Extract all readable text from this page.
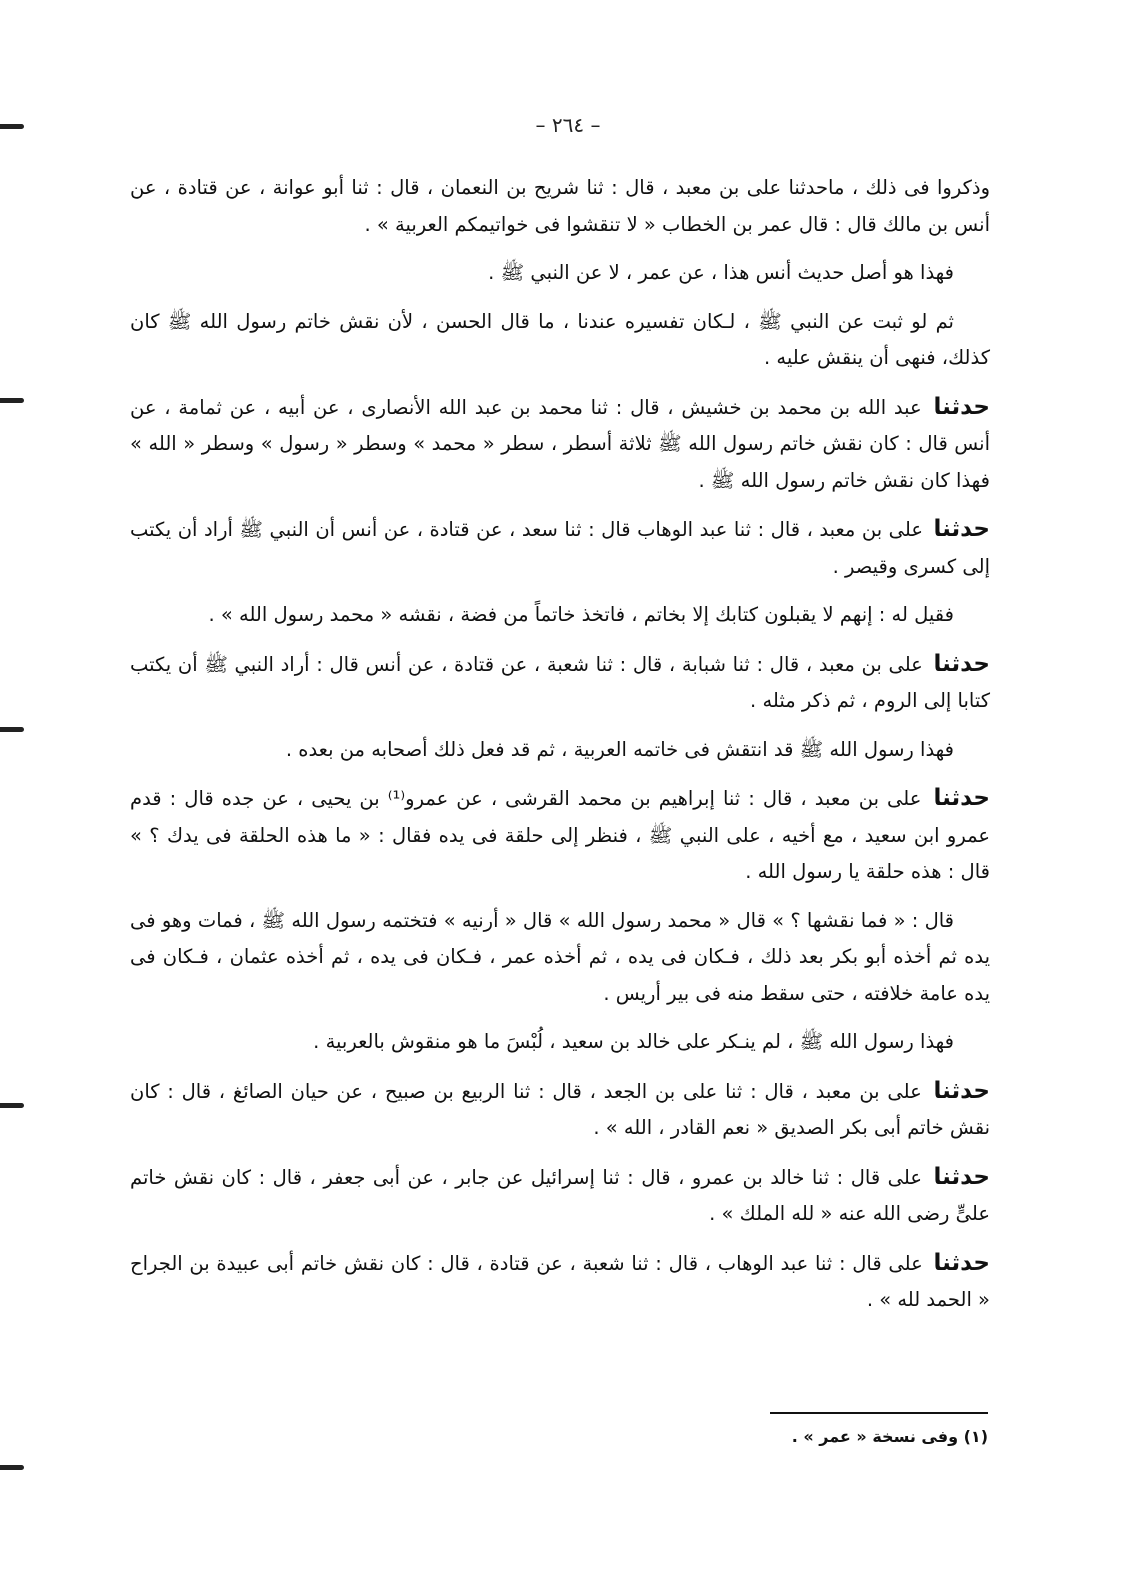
– ٢٦٤ –

وذكروا فى ذلك ، ماحدثنا على بن معبد ، قال : ثنا شريح بن النعمان ، قال : ثنا أبو عوانة ، عن قتادة ، عن أنس بن مالك قال : قال عمر بن الخطاب « لا تنقشوا فى خواتيمكم العربية » .

فهذا هو أصل حديث أنس هذا ، عن عمر ، لا عن النبي ﷺ .

ثم لو ثبت عن النبي ﷺ ، لـكان تفسيره عندنا ، ما قال الحسن ، لأن نقش خاتم رسول الله ﷺ كان كذلك، فنهى أن ينقش عليه .

حدثنا عبد الله بن محمد بن خشيش ، قال : ثنا محمد بن عبد الله الأنصارى ، عن أبيه ، عن ثمامة ، عن أنس قال : كان نقش خاتم رسول الله ﷺ ثلاثة أسطر ، سطر « محمد » وسطر « رسول » وسطر « الله » فهذا كان نقش خاتم رسول الله ﷺ .

حدثنا على بن معبد ، قال : ثنا عبد الوهاب قال : ثنا سعد ، عن قتادة ، عن أنس أن النبي ﷺ أراد أن يكتب إلى كسرى وقيصر .

فقيل له : إنهم لا يقبلون كتابك إلا بخاتم ، فاتخذ خاتماً من فضة ، نقشه « محمد رسول الله » .

حدثنا على بن معبد ، قال : ثنا شبابة ، قال : ثنا شعبة ، عن قتادة ، عن أنس قال : أراد النبي ﷺ أن يكتب كتابا إلى الروم ، ثم ذكر مثله .

فهذا رسول الله ﷺ قد انتقش فى خاتمه العربية ، ثم قد فعل ذلك أصحابه من بعده .

حدثنا على بن معبد ، قال : ثنا إبراهيم بن محمد القرشى ، عن عمرو⁽¹⁾ بن يحيى ، عن جده قال : قدم عمرو ابن سعيد ، مع أخيه ، على النبي ﷺ ، فنظر إلى حلقة فى يده فقال : « ما هذه الحلقة فى يدك ؟ » قال : هذه حلقة يا رسول الله .

قال : « فما نقشها ؟ » قال « محمد رسول الله » قال « أرنيه » فتختمه رسول الله ﷺ ، فمات وهو فى يده ثم أخذه أبو بكر بعد ذلك ، فـكان فى يده ، ثم أخذه عمر ، فـكان فى يده ، ثم أخذه عثمان ، فـكان فى يده عامة خلافته ، حتى سقط منه فى بير أريس .

فهذا رسول الله ﷺ ، لم ينـكر على خالد بن سعيد ، لُبْسَ ما هو منقوش بالعربية .

حدثنا على بن معبد ، قال : ثنا على بن الجعد ، قال : ثنا الربيع بن صبيح ، عن حيان الصائغ ، قال : كان نقش خاتم أبى بكر الصديق « نعم القادر ، الله » .

حدثنا على قال : ثنا خالد بن عمرو ، قال : ثنا إسرائيل عن جابر ، عن أبى جعفر ، قال : كان نقش خاتم علىٍّ رضى الله عنه « لله الملك » .

حدثنا على قال : ثنا عبد الوهاب ، قال : ثنا شعبة ، عن قتادة ، قال : كان نقش خاتم أبى عبيدة بن الجراح « الحمد لله » .

(١) وفى نسخة « عمر » .
